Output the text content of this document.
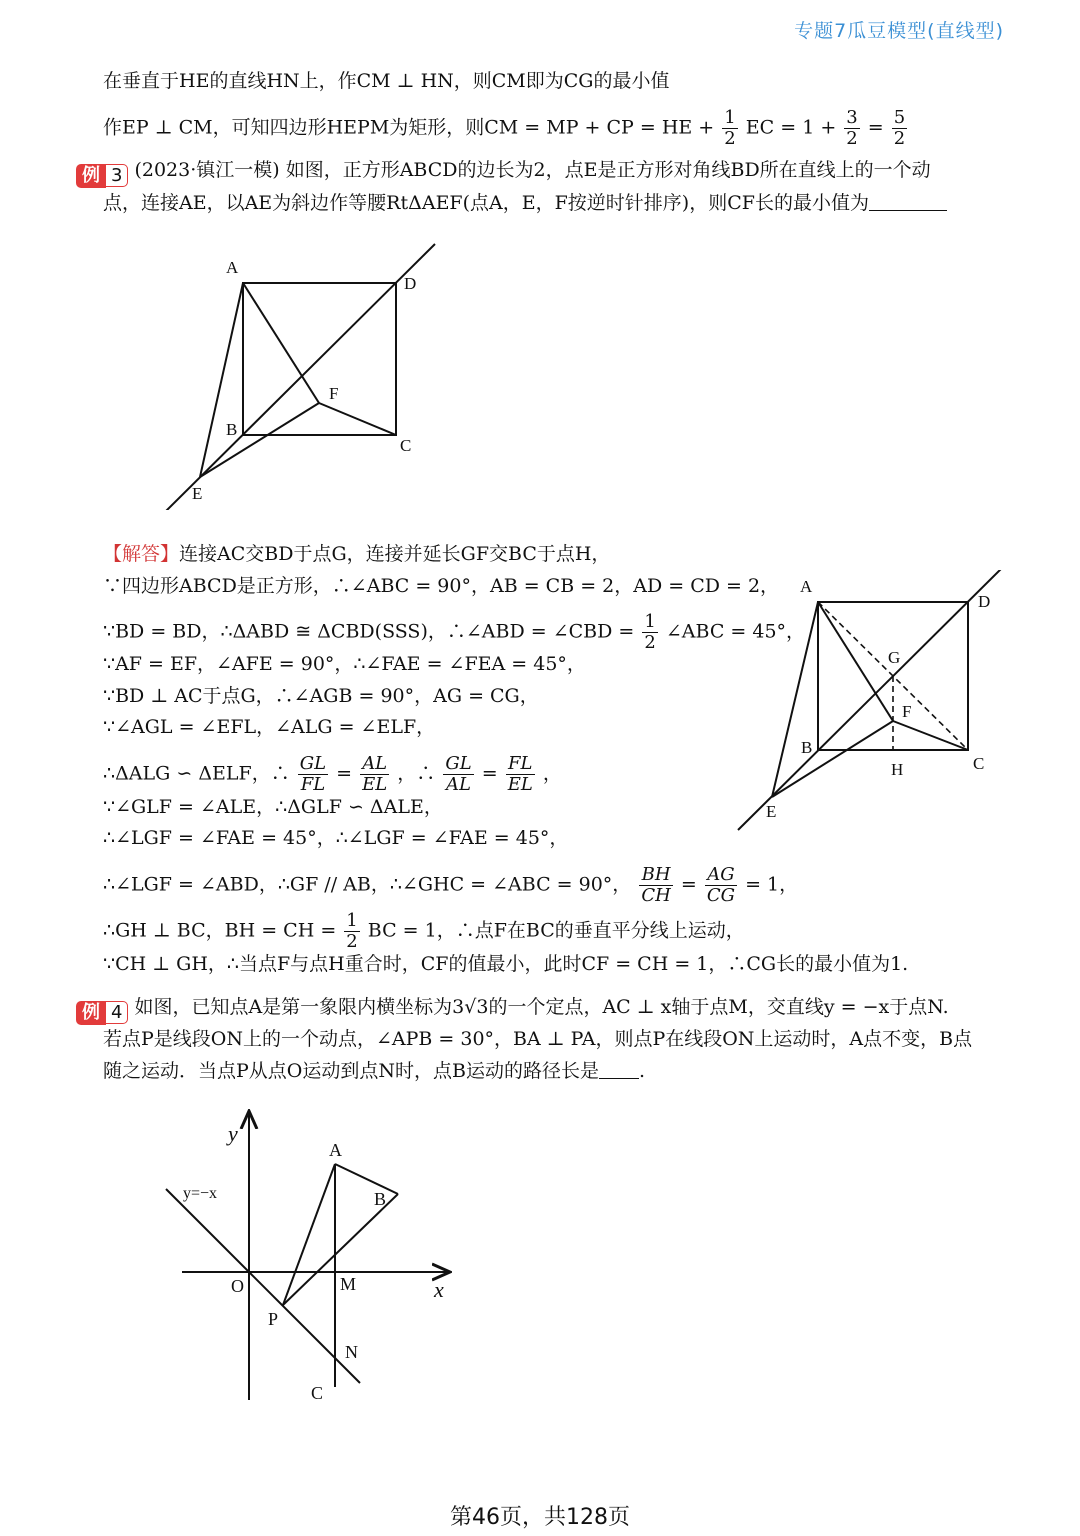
专题7瓜豆模型(直线型)
在垂直于HE的直线HN上，作CM ⊥ HN，则CM即为CG的最小值
作EP ⊥ CM，可知四边形HEPM为矩形，则CM = MP + CP = HE + $\frac{1}{2}$ EC = $1 + \frac{3}{2} = \frac{5}{2}$
例 3 (2023·镇江一模) 如图，正方形ABCD的边长为2，点E是正方形对角线BD所在直线上的一个动
点，连接AE，以AE为斜边作等腰RtΔAEF(点A，E，F按逆时针排序)，则CF长的最小值为
A
D
F
B
C
E
【解答】连接AC交BD于点G，连接并延长GF交BC于点H，
∵四边形ABCD是正方形，∴∠ABC = 90°，AB = CB = 2，AD = CD = 2，
∵BD = BD，∴ΔABD ≅ ΔCBD(SSS)，∴∠ABD = ∠CBD = $\frac{1}{2}$ ∠ABC = 45°，
∵AF = EF，∠AFE = 90°，∴∠FAE = ∠FEA = 45°，
∵BD ⊥ AC于点G，∴∠AGB = 90°，AG = CG，
∵∠AGL = ∠EFL，∠ALG = ∠ELF，
∴ΔALG ∽ ΔELF，∴ $\frac{GL}{FL} = \frac{AL}{EL}$ ，∴ $\frac{GL}{AL} = \frac{FL}{EL}$ ，
∵∠GLF = ∠ALE，∴ΔGLF ∽ ΔALE，
∴∠LGF = ∠FAE = 45°，∴∠LGF = ∠FAE = 45°，
∴∠LGF = ∠ABD，∴GF // AB，∴∠GHC = ∠ABC = 90°， $\frac{BH}{CH} = \frac{AG}{CG} = 1$，
∴GH ⊥ BC，BH = CH = $\frac{1}{2}$ BC = 1，∴点F在BC的垂直平分线上运动，
∵CH ⊥ GH，∴当点F与点H重合时，CF的值最小，此时CF = CH = 1，∴CG长的最小值为1.
A
D
G
F
B
H	C
E
例 4 如图，已知点A是第一象限内横坐标为3√3的一个定点，AC ⊥ x轴于点M，交直线y = −x于点N.
若点P是线段ON上的一个动点，∠APB = 30°，BA ⊥ PA，则点P在线段ON上运动时，A点不变，B点
随之运动．当点P从点O运动到点N时，点B运动的路径长是 .
y
x
y=−x
A
B
O	M
P
N
C
第46页，共128页
